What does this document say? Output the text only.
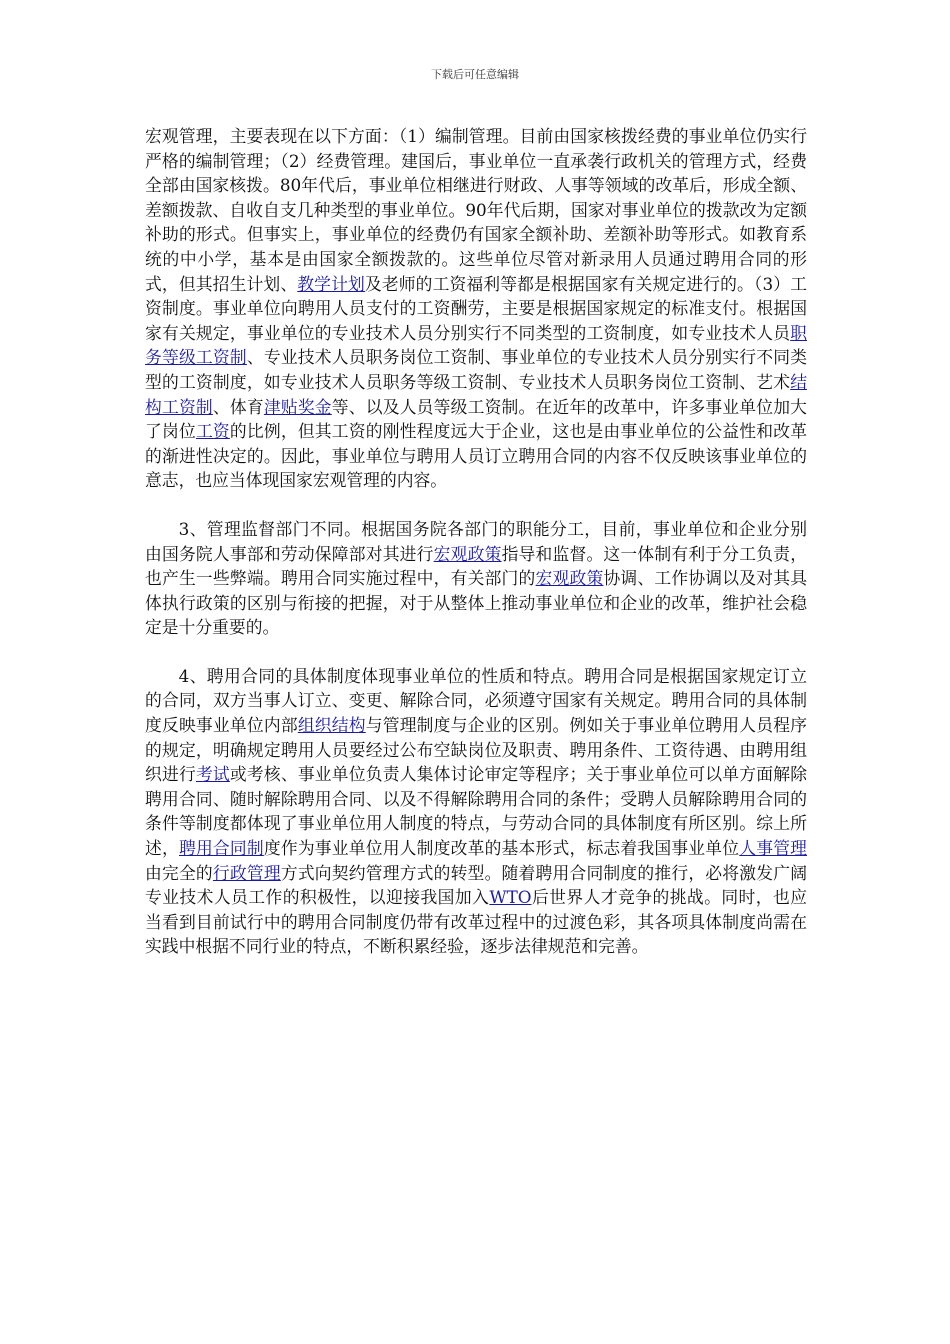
下载后可任意编辑

宏观管理，主要表现在以下方面：（1）编制管理。目前由国家核拨经费的事业单位仍实行严格的编制管理；（2）经费管理。建国后，事业单位一直承袭行政机关的管理方式，经费全部由国家核拨。80年代后，事业单位相继进行财政、人事等领域的改革后，形成全额、差额拨款、自收自支几种类型的事业单位。90年代后期，国家对事业单位的拨款改为定额补助的形式。但事实上，事业单位的经费仍有国家全额补助、差额补助等形式。如教育系统的中小学，基本是由国家全额拨款的。这些单位尽管对新录用人员通过聘用合同的形式，但其招生计划、教学计划及老师的工资福利等都是根据国家有关规定进行的。（3）工资制度。事业单位向聘用人员支付的工资酬劳，主要是根据国家规定的标准支付。根据国家有关规定，事业单位的专业技术人员分别实行不同类型的工资制度，如专业技术人员职务等级工资制、专业技术人员职务岗位工资制、事业单位的专业技术人员分别实行不同类型的工资制度，如专业技术人员职务等级工资制、专业技术人员职务岗位工资制、艺术结构工资制、体育津贴奖金等、以及人员等级工资制。在近年的改革中，许多事业单位加大了岗位工资的比例，但其工资的刚性程度远大于企业，这也是由事业单位的公益性和改革的渐进性决定的。因此，事业单位与聘用人员订立聘用合同的内容不仅反映该事业单位的意志，也应当体现国家宏观管理的内容。

3、管理监督部门不同。根据国务院各部门的职能分工，目前，事业单位和企业分别由国务院人事部和劳动保障部对其进行宏观政策指导和监督。这一体制有利于分工负责，也产生一些弊端。聘用合同实施过程中，有关部门的宏观政策协调、工作协调以及对其具体执行政策的区别与衔接的把握，对于从整体上推动事业单位和企业的改革，维护社会稳定是十分重要的。

4、聘用合同的具体制度体现事业单位的性质和特点。聘用合同是根据国家规定订立的合同，双方当事人订立、变更、解除合同，必须遵守国家有关规定。聘用合同的具体制度反映事业单位内部组织结构与管理制度与企业的区别。例如关于事业单位聘用人员程序的规定，明确规定聘用人员要经过公布空缺岗位及职责、聘用条件、工资待遇、由聘用组织进行考试或考核、事业单位负责人集体讨论审定等程序；关于事业单位可以单方面解除聘用合同、随时解除聘用合同、以及不得解除聘用合同的条件；受聘人员解除聘用合同的条件等制度都体现了事业单位用人制度的特点，与劳动合同的具体制度有所区别。综上所述，聘用合同制度作为事业单位用人制度改革的基本形式，标志着我国事业单位人事管理由完全的行政管理方式向契约管理方式的转型。随着聘用合同制度的推行，必将激发广阔专业技术人员工作的积极性，以迎接我国加入WTO后世界人才竞争的挑战。同时，也应当看到目前试行中的聘用合同制度仍带有改革过程中的过渡色彩，其各项具体制度尚需在实践中根据不同行业的特点，不断积累经验，逐步法律规范和完善。
